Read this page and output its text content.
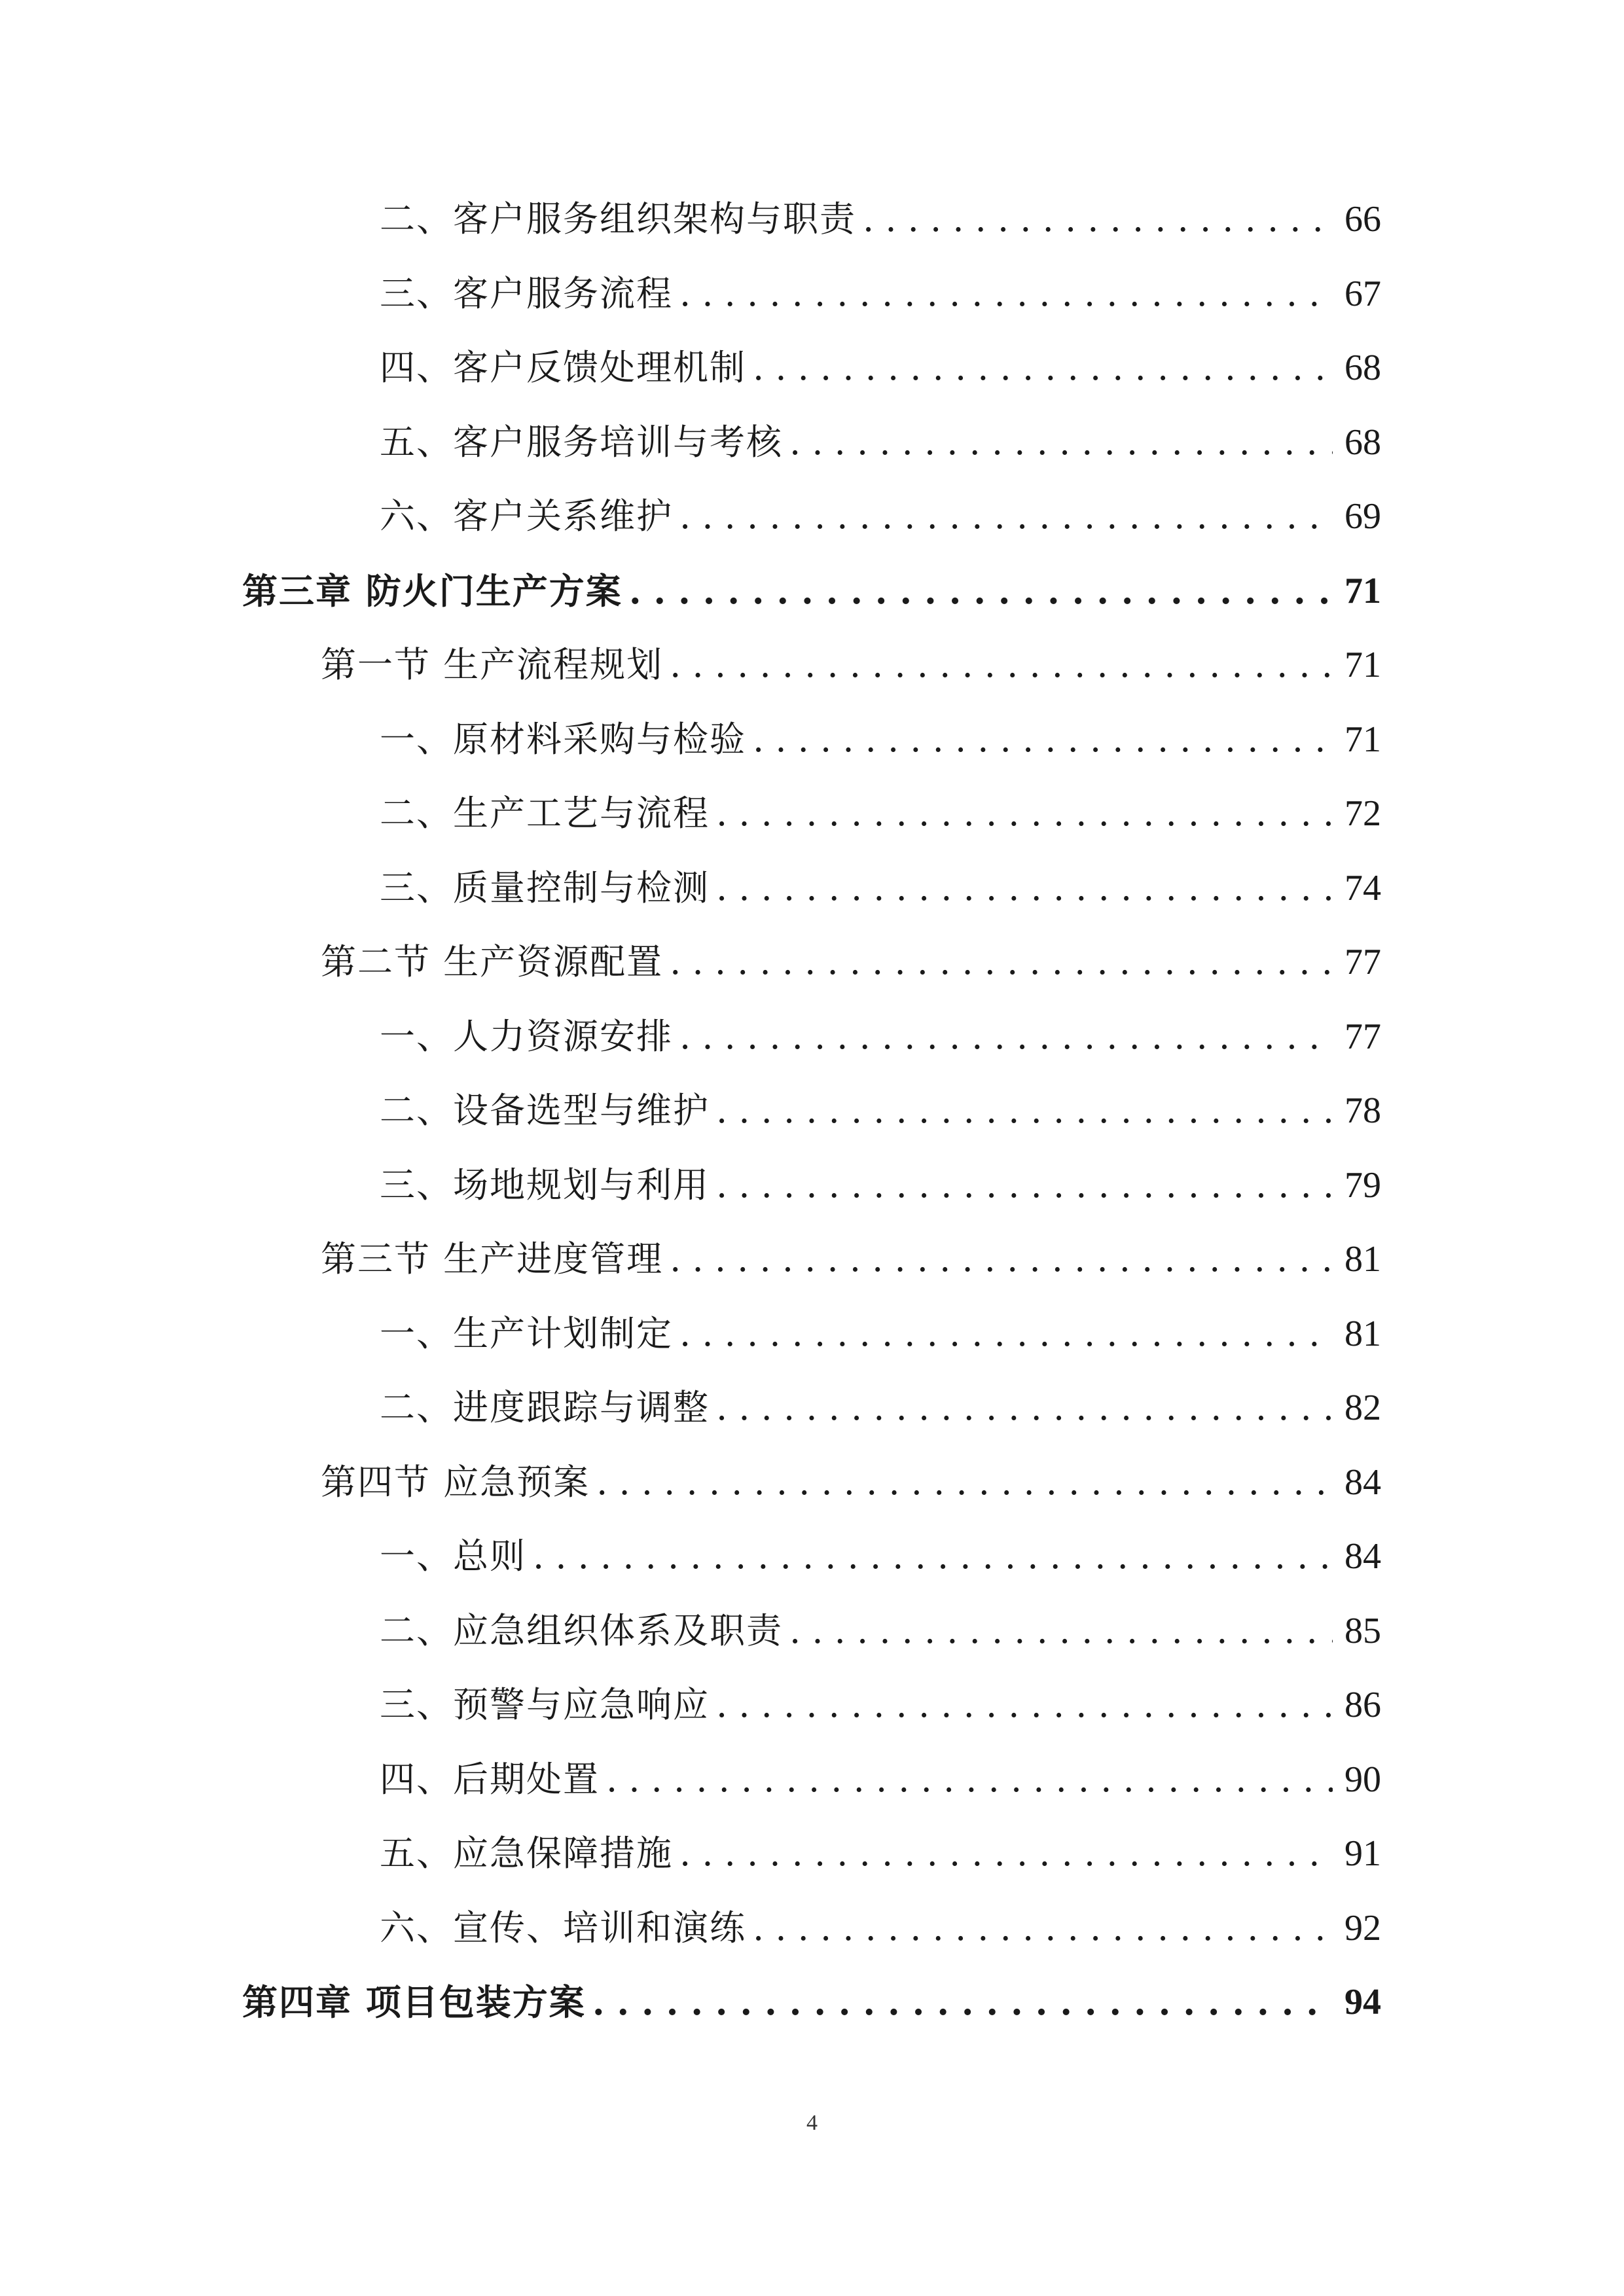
二、客户服务组织架构与职责 . . .	66
三、客户服务流程 . . .	67
四、客户反馈处理机制 . . .	68
五、客户服务培训与考核 . . .	68
六、客户关系维护 . . .	69
第三章 防火门生产方案 . . .	71
第一节 生产流程规划 . . .	71
一、原材料采购与检验 . . .	71
二、生产工艺与流程 . . .	72
三、质量控制与检测 . . .	74
第二节 生产资源配置 . . .	77
一、人力资源安排 . . .	77
二、设备选型与维护 . . .	78
三、场地规划与利用 . . .	79
第三节 生产进度管理 . . .	81
一、生产计划制定 . . .	81
二、进度跟踪与调整 . . .	82
第四节 应急预案 . . .	84
一、总则 . . .	84
二、应急组织体系及职责 . . .	85
三、预警与应急响应 . . .	86
四、后期处置 . . .	90
五、应急保障措施 . . .	91
六、宣传、培训和演练 . . .	92
第四章 项目包装方案 . . .	94
4
